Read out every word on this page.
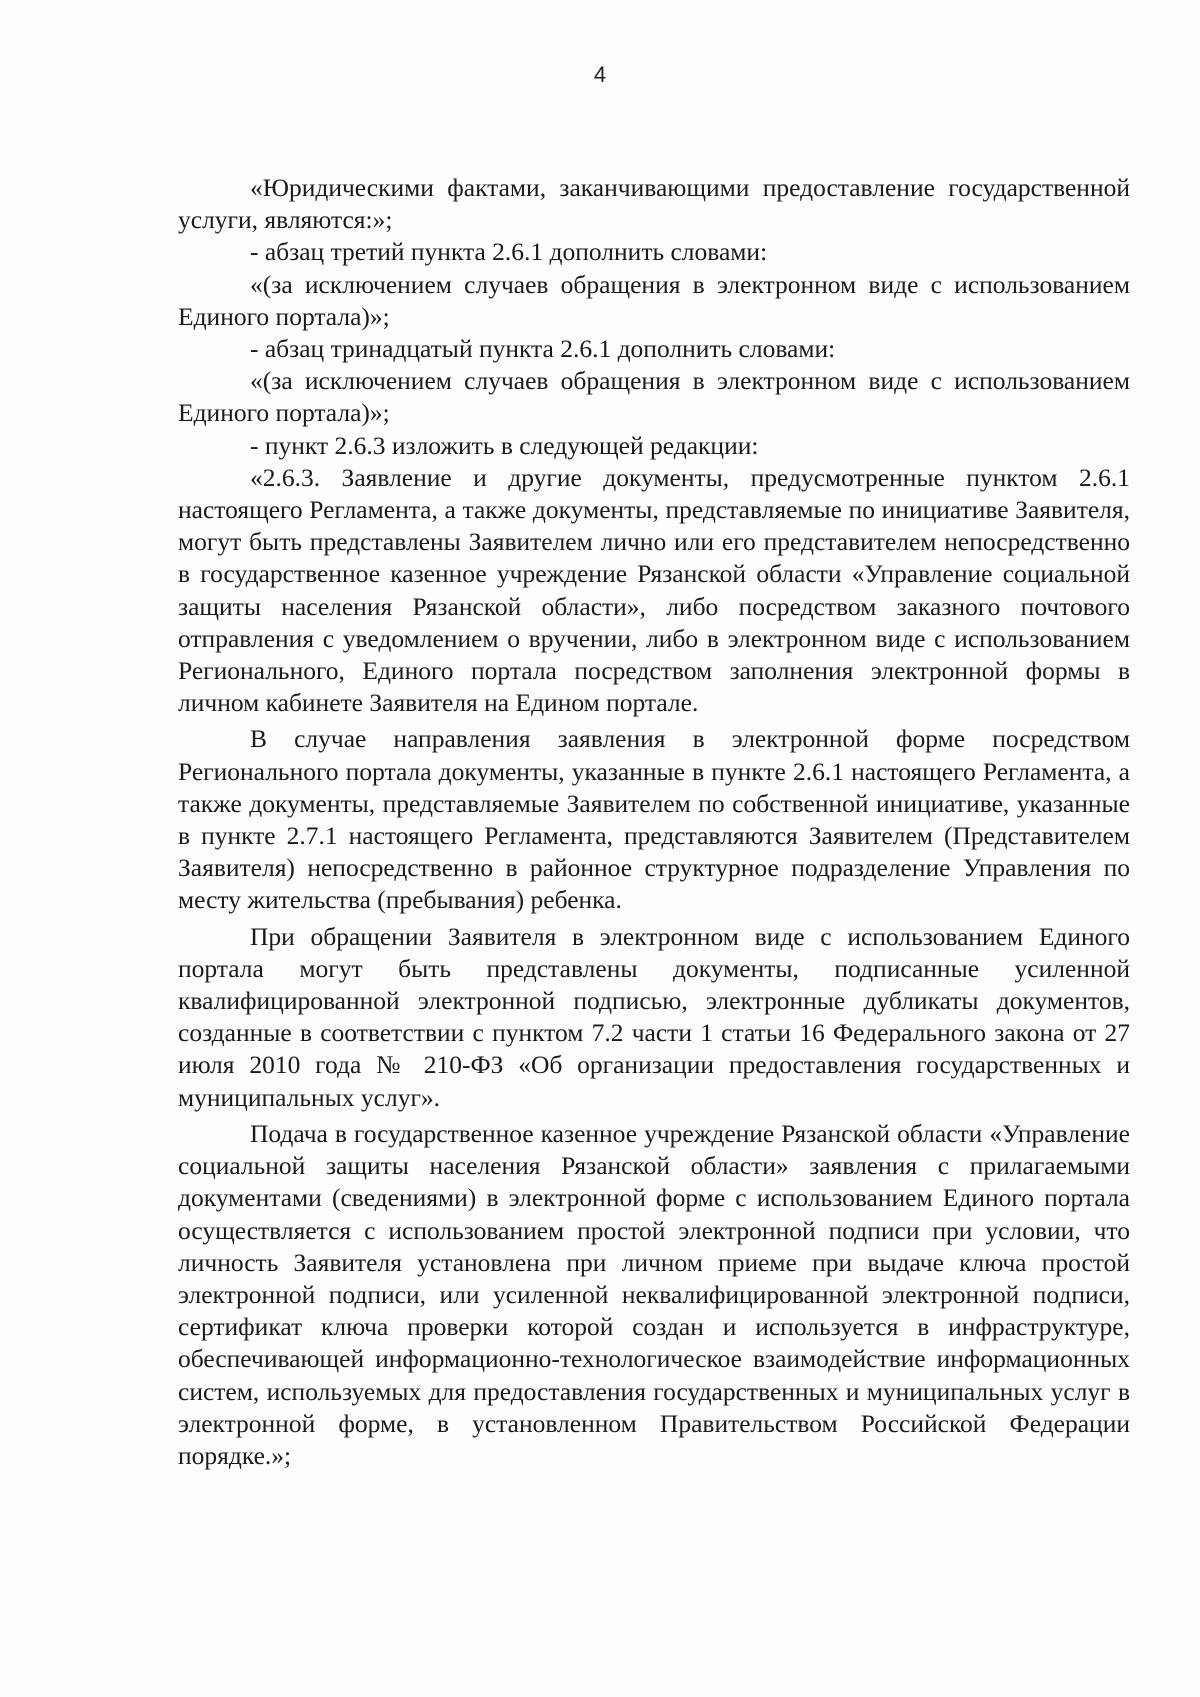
4

«Юридическими фактами, заканчивающими предоставление государственной услуги, являются:»;

- абзац третий пункта 2.6.1 дополнить словами:

«(за исключением случаев обращения в электронном виде с использованием Единого портала)»;

- абзац тринадцатый пункта 2.6.1 дополнить словами:

«(за исключением случаев обращения в электронном виде с использованием Единого портала)»;

- пункт 2.6.3 изложить в следующей редакции:

«2.6.3. Заявление и другие документы, предусмотренные пунктом 2.6.1 настоящего Регламента, а также документы, представляемые по инициативе Заявителя, могут быть представлены Заявителем лично или его представителем непосредственно в государственное казенное учреждение Рязанской области «Управление социальной защиты населения Рязанской области», либо посредством заказного почтового отправления с уведомлением о вручении, либо в электронном виде с использованием Регионального, Единого портала посредством заполнения электронной формы в личном кабинете Заявителя на Едином портале.

В случае направления заявления в электронной форме посредством Регионального портала документы, указанные в пункте 2.6.1 настоящего Регламента, а также документы, представляемые Заявителем по собственной инициативе, указанные в пункте 2.7.1 настоящего Регламента, представляются Заявителем (Представителем Заявителя) непосредственно в районное структурное подразделение Управления по месту жительства (пребывания) ребенка.

При обращении Заявителя в электронном виде с использованием Единого портала могут быть представлены документы, подписанные усиленной квалифицированной электронной подписью, электронные дубликаты документов, созданные в соответствии с пунктом 7.2 части 1 статьи 16 Федерального закона от 27 июля 2010 года № 210-ФЗ «Об организации предоставления государственных и муниципальных услуг».

Подача в государственное казенное учреждение Рязанской области «Управление социальной защиты населения Рязанской области» заявления с прилагаемыми документами (сведениями) в электронной форме с использованием Единого портала осуществляется с использованием простой электронной подписи при условии, что личность Заявителя установлена при личном приеме при выдаче ключа простой электронной подписи, или усиленной неквалифицированной электронной подписи, сертификат ключа проверки которой создан и используется в инфраструктуре, обеспечивающей информационно-технологическое взаимодействие информационных систем, используемых для предоставления государственных и муниципальных услуг в электронной форме, в установленном Правительством Российской Федерации порядке.»;
